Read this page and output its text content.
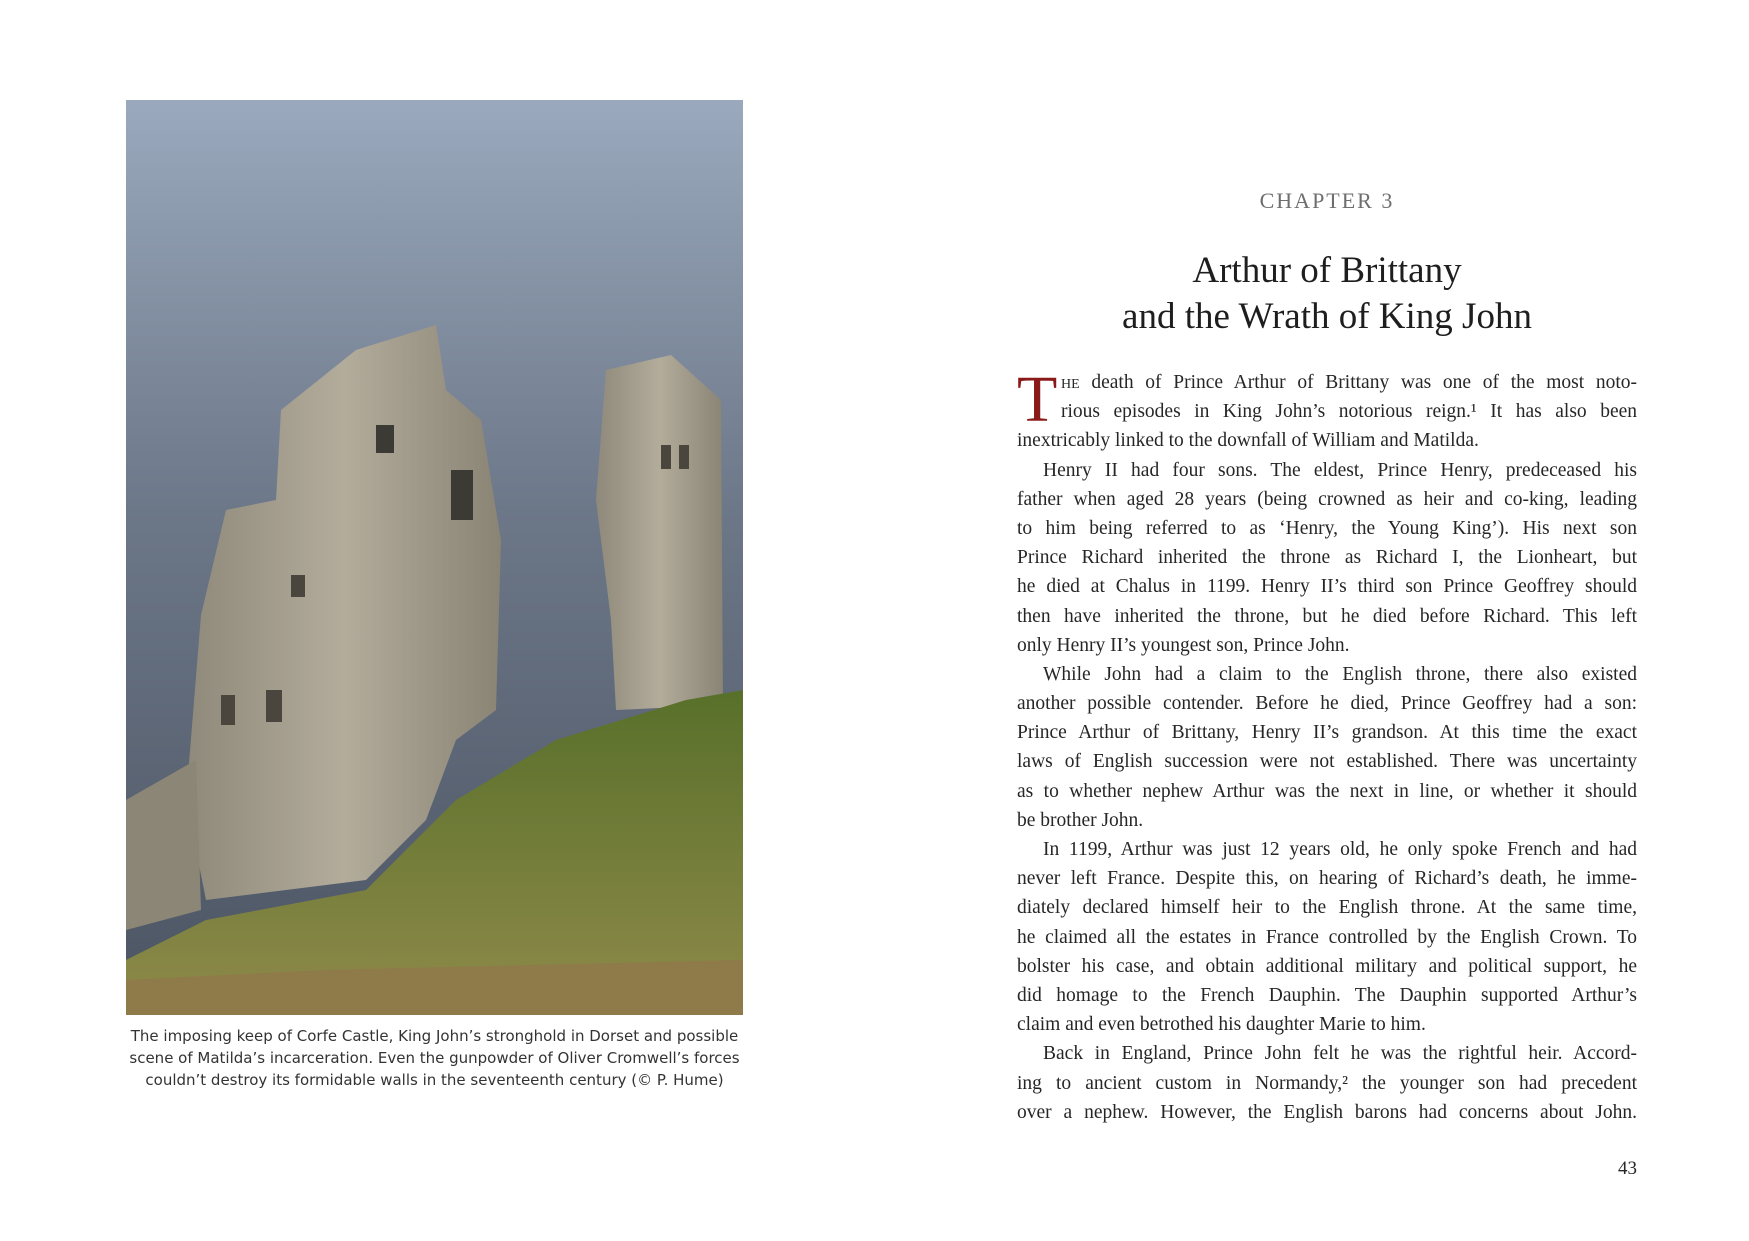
The imposing keep of Corfe Castle, King John’s stronghold in Dorset and possible
scene of Matilda’s incarceration. Even the gunpowder of Oliver Cromwell’s forces
couldn’t destroy its formidable walls in the seventeenth century (© P. Hume)
CHAPTER 3
Arthur of Brittany
and the Wrath of King John
T he death of Prince Arthur of Brittany was one of the most noto-
rious episodes in King John’s notorious reign.¹ It has also been
inextricably linked to the downfall of William and Matilda.
Henry II had four sons. The eldest, Prince Henry, predeceased his
father when aged 28 years (being crowned as heir and co-king, leading
to him being referred to as ‘Henry, the Young King’). His next son
Prince Richard inherited the throne as Richard I, the Lionheart, but
he died at Chalus in 1199. Henry II’s third son Prince Geoffrey should
then have inherited the throne, but he died before Richard. This left
only Henry II’s youngest son, Prince John.
While John had a claim to the English throne, there also existed
another possible contender. Before he died, Prince Geoffrey had a son:
Prince Arthur of Brittany, Henry II’s grandson. At this time the exact
laws of English succession were not established. There was uncertainty
as to whether nephew Arthur was the next in line, or whether it should
be brother John.
In 1199, Arthur was just 12 years old, he only spoke French and had
never left France. Despite this, on hearing of Richard’s death, he imme-
diately declared himself heir to the English throne. At the same time,
he claimed all the estates in France controlled by the English Crown. To
bolster his case, and obtain additional military and political support, he
did homage to the French Dauphin. The Dauphin supported Arthur’s
claim and even betrothed his daughter Marie to him.
Back in England, Prince John felt he was the rightful heir. Accord-
ing to ancient custom in Normandy,² the younger son had precedent
over a nephew. However, the English barons had concerns about John.
43
